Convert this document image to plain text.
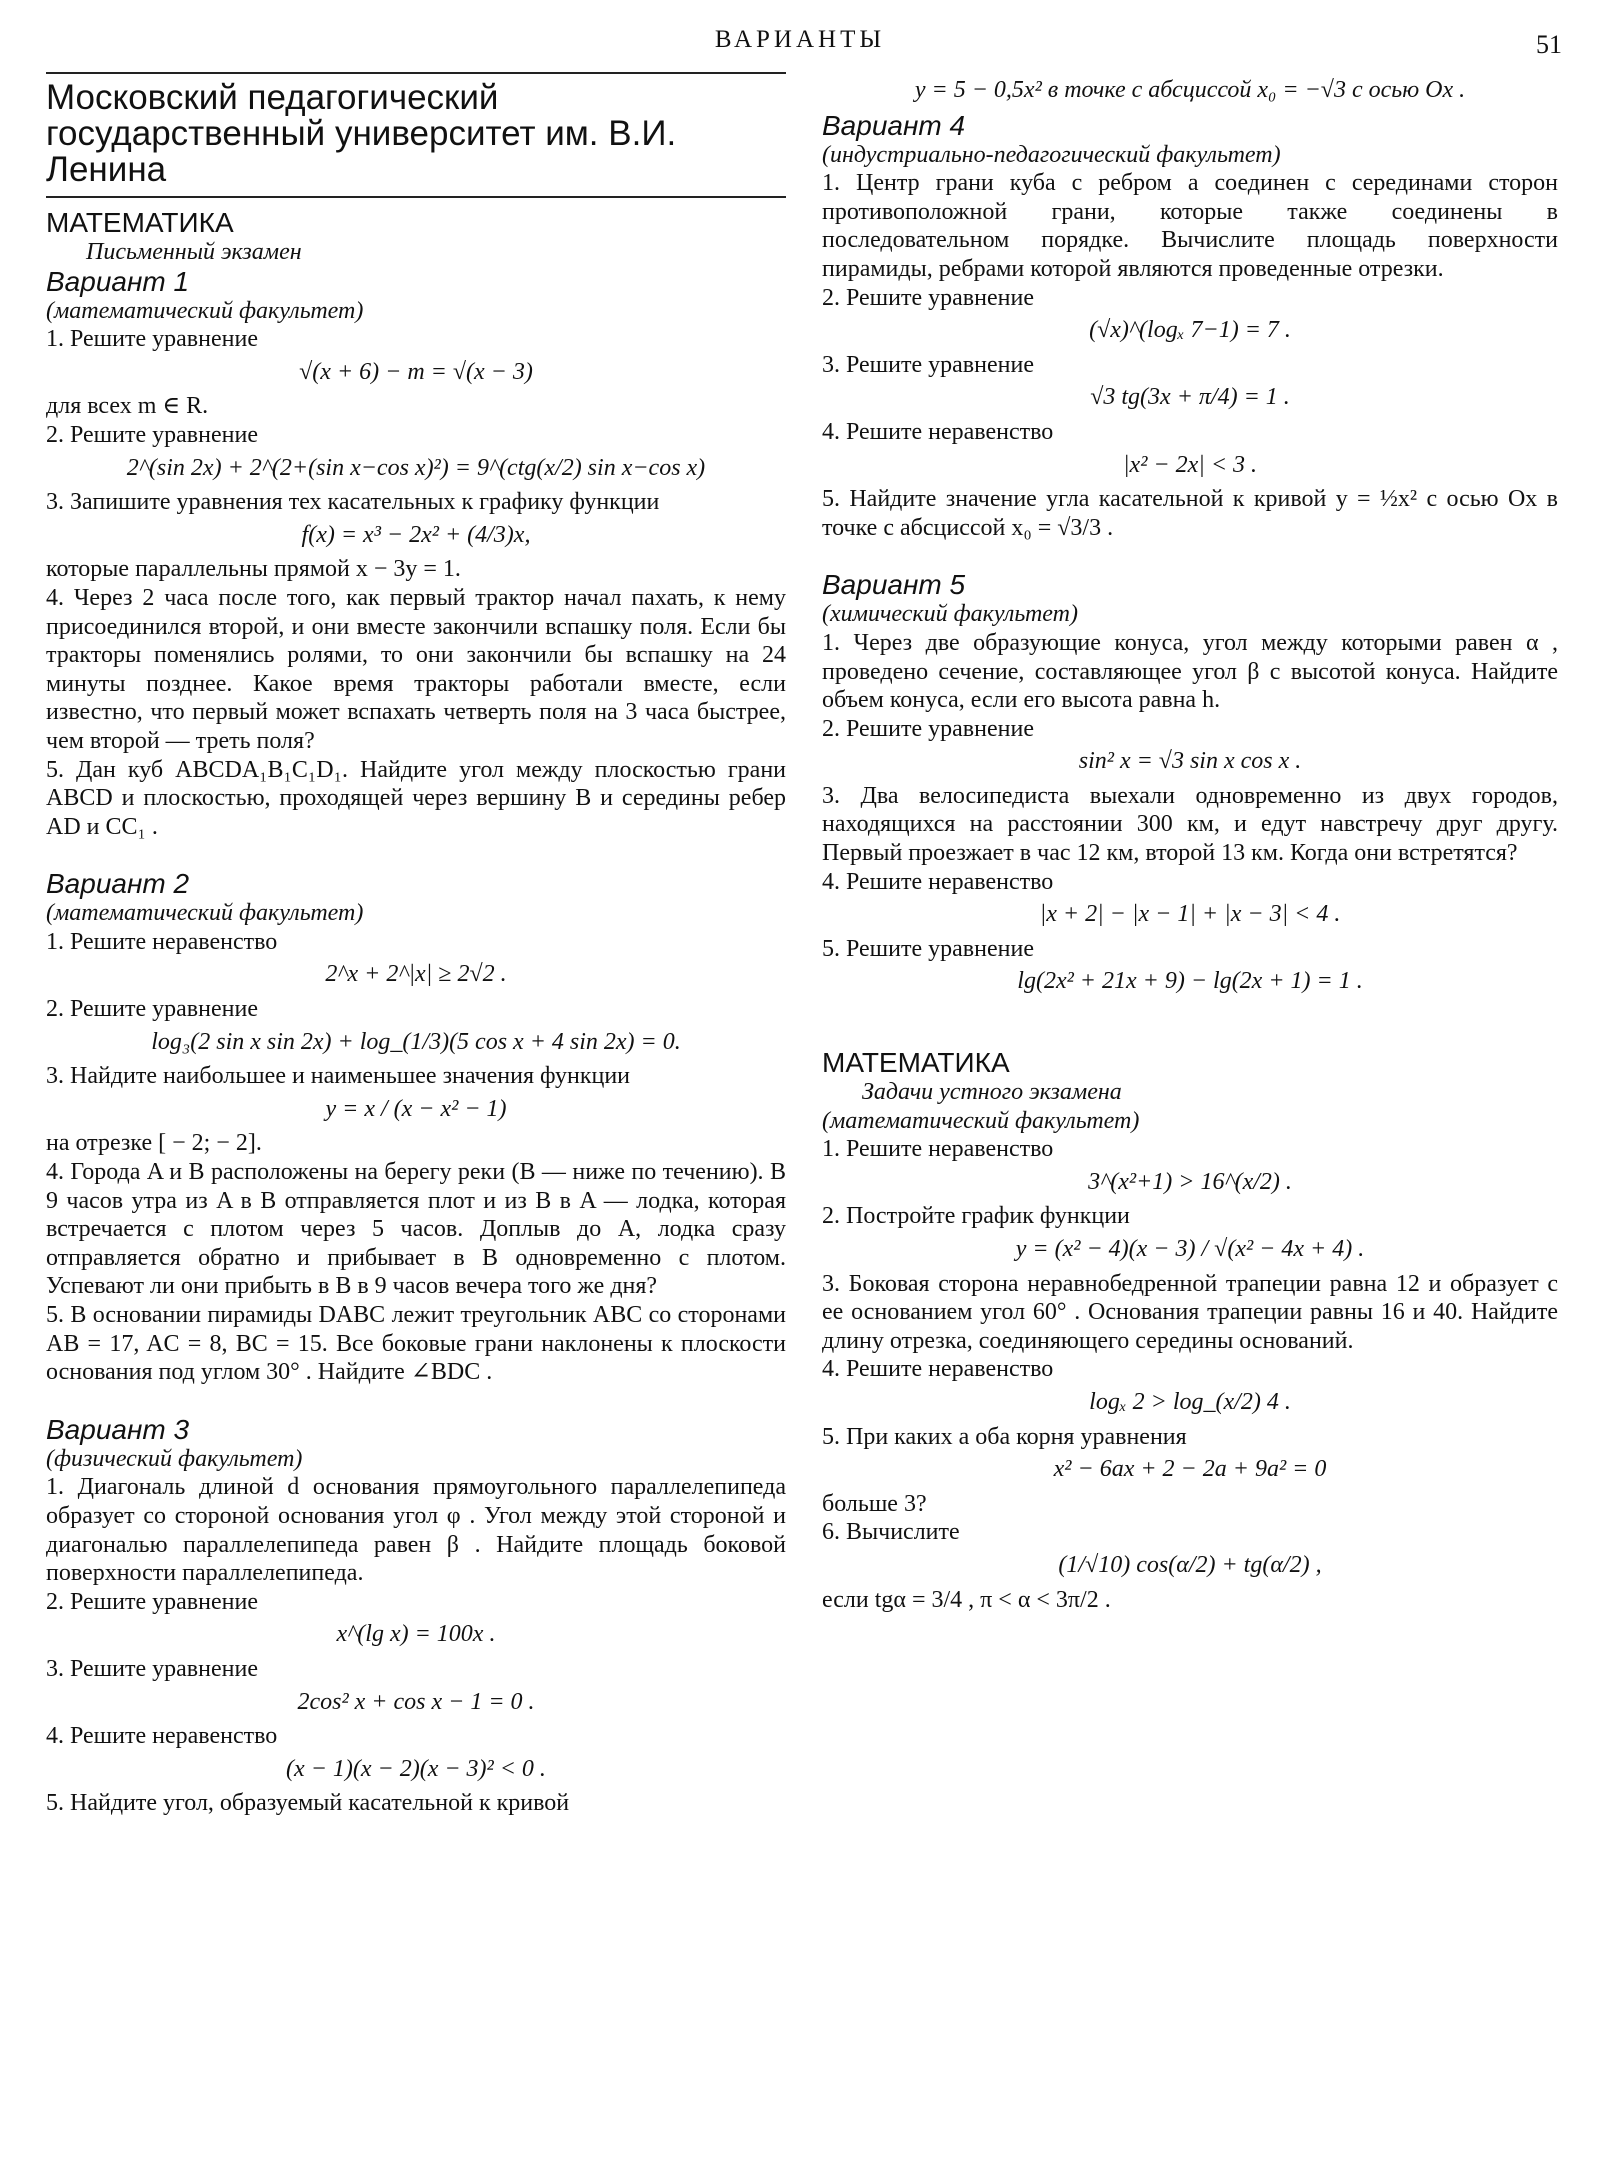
ВАРИАНТЫ	51
Московский педагогический государственный университет им. В.И. Ленина
МАТЕМАТИКА
Письменный экзамен
Вариант 1
(математический факультет)
1. Решите уравнение
√(x + 6) − m = √(x − 3)
для всех m ∈ R.
2. Решите уравнение
2^(sin 2x) + 2^(2+(sin x−cos x)²) = 9^(ctg(x/2) sin x−cos x)
3. Запишите уравнения тех касательных к графику функции
f(x) = x³ − 2x² + (4/3)x,
которые параллельны прямой x − 3y = 1.
4. Через 2 часа после того, как первый трактор начал пахать, к нему присоединился второй, и они вместе закончили вспашку поля. Если бы тракторы поменялись ролями, то они закончили бы вспашку на 24 минуты позднее. Какое время тракторы работали вместе, если известно, что первый может вспахать четверть поля на 3 часа быстрее, чем второй — треть поля?
5. Дан куб ABCDA₁B₁C₁D₁. Найдите угол между плоскостью грани ABCD и плоскостью, проходящей через вершину B и середины ребер AD и CC₁ .
Вариант 2
(математический факультет)
1. Решите неравенство
2^x + 2^|x| ≥ 2√2 .
2. Решите уравнение
log₃(2 sin x sin 2x) + log_(1/3)(5 cos x + 4 sin 2x) = 0.
3. Найдите наибольшее и наименьшее значения функции
y = x / (x − x² − 1)
на отрезке [ − 2; − 2].
4. Города A и B расположены на берегу реки (B — ниже по течению). В 9 часов утра из A в B отправляется плот и из B в A — лодка, которая встречается с плотом через 5 часов. Доплыв до A, лодка сразу отправляется обратно и прибывает в B одновременно с плотом. Успевают ли они прибыть в B в 9 часов вечера того же дня?
5. В основании пирамиды DABC лежит треугольник ABC со сторонами AB = 17, AC = 8, BC = 15. Все боковые грани наклонены к плоскости основания под углом 30° . Найдите ∠BDC .
Вариант 3
(физический факультет)
1. Диагональ длиной d основания прямоугольного параллелепипеда образует со стороной основания угол φ . Угол между этой стороной и диагональю параллелепипеда равен β . Найдите площадь боковой поверхности параллелепипеда.
2. Решите уравнение
x^(lg x) = 100x .
3. Решите уравнение
2cos² x + cos x − 1 = 0 .
4. Решите неравенство
(x − 1)(x − 2)(x − 3)² < 0 .
5. Найдите угол, образуемый касательной к кривой
y = 5 − 0,5x² в точке с абсциссой x₀ = −√3 с осью Ox .
Вариант 4
(индустриально-педагогический факультет)
1. Центр грани куба с ребром a соединен с серединами сторон противоположной грани, которые также соединены в последовательном порядке. Вычислите площадь поверхности пирамиды, ребрами которой являются проведенные отрезки.
2. Решите уравнение
(√x)^(logₓ 7−1) = 7 .
3. Решите уравнение
√3 tg(3x + π/4) = 1 .
4. Решите неравенство
|x² − 2x| < 3 .
5. Найдите значение угла касательной к кривой y = ½x² с осью Ox в точке с абсциссой x₀ = √3/3 .
Вариант 5
(химический факультет)
1. Через две образующие конуса, угол между которыми равен α , проведено сечение, составляющее угол β с высотой конуса. Найдите объем конуса, если его высота равна h.
2. Решите уравнение
sin² x = √3 sin x cos x .
3. Два велосипедиста выехали одновременно из двух городов, находящихся на расстоянии 300 км, и едут навстречу друг другу. Первый проезжает в час 12 км, второй 13 км. Когда они встретятся?
4. Решите неравенство
|x + 2| − |x − 1| + |x − 3| < 4 .
5. Решите уравнение
lg(2x² + 21x + 9) − lg(2x + 1) = 1 .
МАТЕМАТИКА
Задачи устного экзамена
(математический факультет)
1. Решите неравенство
3^(x²+1) > 16^(x/2) .
2. Постройте график функции
y = (x² − 4)(x − 3) / √(x² − 4x + 4) .
3. Боковая сторона неравнобедренной трапеции равна 12 и образует с ее основанием угол 60° . Основания трапеции равны 16 и 40. Найдите длину отрезка, соединяющего середины оснований.
4. Решите неравенство
logₓ 2 > log_(x/2) 4 .
5. При каких a оба корня уравнения
x² − 6ax + 2 − 2a + 9a² = 0
больше 3?
6. Вычислите
(1/√10) cos(α/2) + tg(α/2) ,
если tgα = 3/4 , π < α < 3π/2 .
